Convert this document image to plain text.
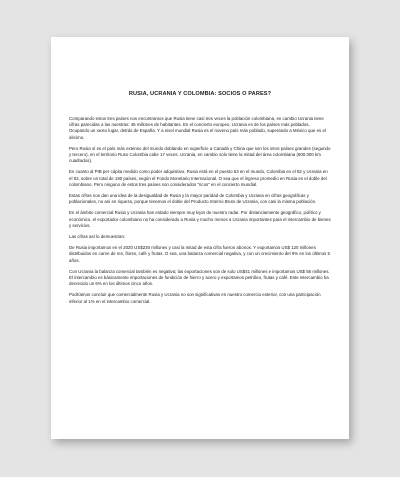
RUSIA, UCRANIA Y COLOMBIA: SOCIOS O PARES?

Comparando estos tres países nos encontramos que Rusia tiene casi tres veces la población colombiana, en cambio Ucrania tiene cifras parecidas a las nuestras: 45 millones de habitantes. En el concierto europeo, Ucrania es de los países más poblados, Ocupando un sexto lugar, detrás de España. Y a nivel mundial Rusia es el noveno país más poblado, superando a México que es el décimo.

Pero Rusia sí es el país más extenso del mundo doblando en superficie a Canadá y China que son los otros países grandes (segundo y tercero), en el territorio Ruso Colombia cabe 17 veces. Ucrania, en cambio solo tiene la mitad del área colombiana (600.000 km cuadrados).

En cuanto al PIB per cápita medido como poder adquisitivo, Rusia está en el puesto 53 en el mundo, Colombia en el 82 y Ucrania en el 92, sobre un total de 190 países, según el Fondo Monetario Internacional. O sea que el ingreso promedio en Rusia es el doble del colombiano. Pero ninguno de estos tres países son considerados "ricos" en el concierto mundial.

Estas cifras nos dan una idea de la desigualdad de Rusia y la mayor paridad de Colombia y Ucrania en cifras geográficas y poblacionales, no así en riqueza, porque tenemos el doble del Producto Interno Bruto de Ucrania, con casi la misma población.

En el ámbito comercial Rusia y Ucrania han estado siempre muy lejos de nuestro radar. Por distanciamiento geográfico, político y económico, el exportador colombiano no ha considerado a Rusia y mucho menos a Ucrania importantes para el intercambio de bienes y servicios.

Las cifras así lo demuestran:

De Rusia importamos en el 2020 US$230 millones y casi la mitad de esta cifra fueron abonos. Y exportamos US$ 120 millones distribuidos en carne de res, flores, café y frutas. O sea, una balanza comercial negativa, y con un crecimiento del 9% en los últimos 5 años.

Con Ucrania la balanza comercial también es negativa; las exportaciones son de solo US$41 millones e importamos US$ 56 millones. El intercambio es básicamente importaciones de fundición de hierro y acero y exportamos petróleo, frutas y café. Este intercambio ha decrecido un 6% en los últimos cinco años.

Podríamos concluir que comercialmente Rusia y Ucrania no son significativas en nuestro comercio exterior, con una participación inferior al 1% en el intercambio comercial.
